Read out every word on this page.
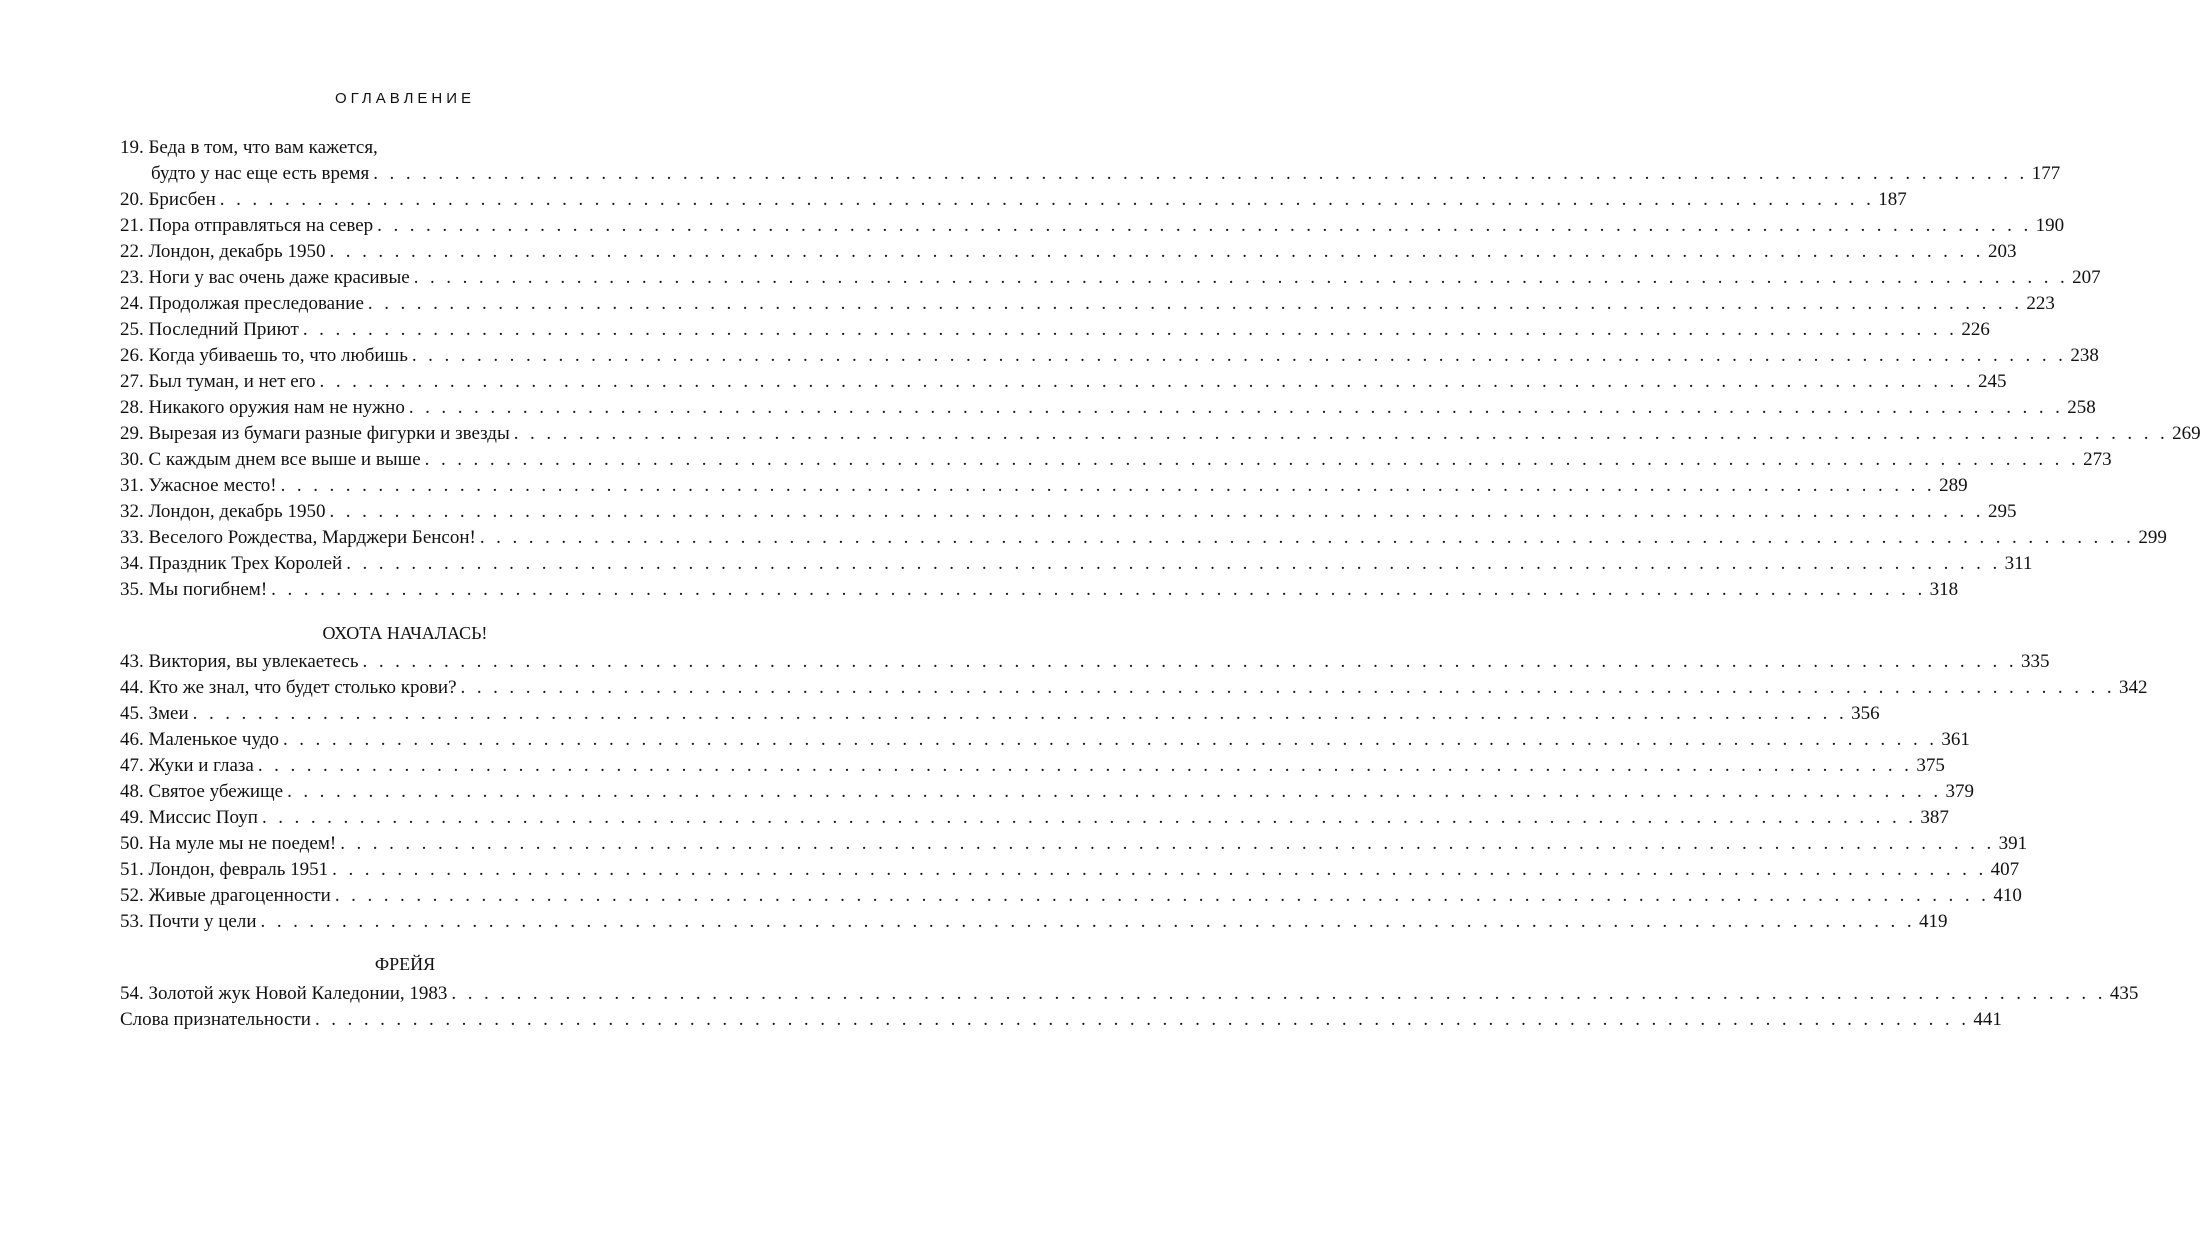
ОГЛАВЛЕНИЕ
19. Беда в том, что вам кажется,
будто у нас еще есть время . . .	177
20. Брисбен . . .	187
21. Пора отправляться на север . . .	190
22. Лондон, декабрь 1950 . . .	203
23. Ноги у вас очень даже красивые . . .	207
24. Продолжая преследование . . .	223
25. Последний Приют . . .	226
26. Когда убиваешь то, что любишь . . .	238
27. Был туман, и нет его . . .	245
28. Никакого оружия нам не нужно . . .	258
29. Вырезая из бумаги разные фигурки и звезды . . .	269
30. С каждым днем все выше и выше . . .	273
31. Ужасное место! . . .	289
32. Лондон, декабрь 1950 . . .	295
33. Веселого Рождества, Марджери Бенсон! . . .	299
34. Праздник Трех Королей . . .	311
35. Мы погибнем! . . .	318
ОХОТА НАЧАЛАСЬ!
43. Виктория, вы увлекаетесь . . .	335
44. Кто же знал, что будет столько крови? . . .	342
45. Змеи . . .	356
46. Маленькое чудо . . .	361
47. Жуки и глаза . . .	375
48. Святое убежище . . .	379
49. Миссис Поуп . . .	387
50. На муле мы не поедем! . . .	391
51. Лондон, февраль 1951 . . .	407
52. Живые драгоценности . . .	410
53. Почти у цели . . .	419
ФРЕЙЯ
54. Золотой жук Новой Каледонии, 1983 . . .	435
Слова признательности . . .	441
